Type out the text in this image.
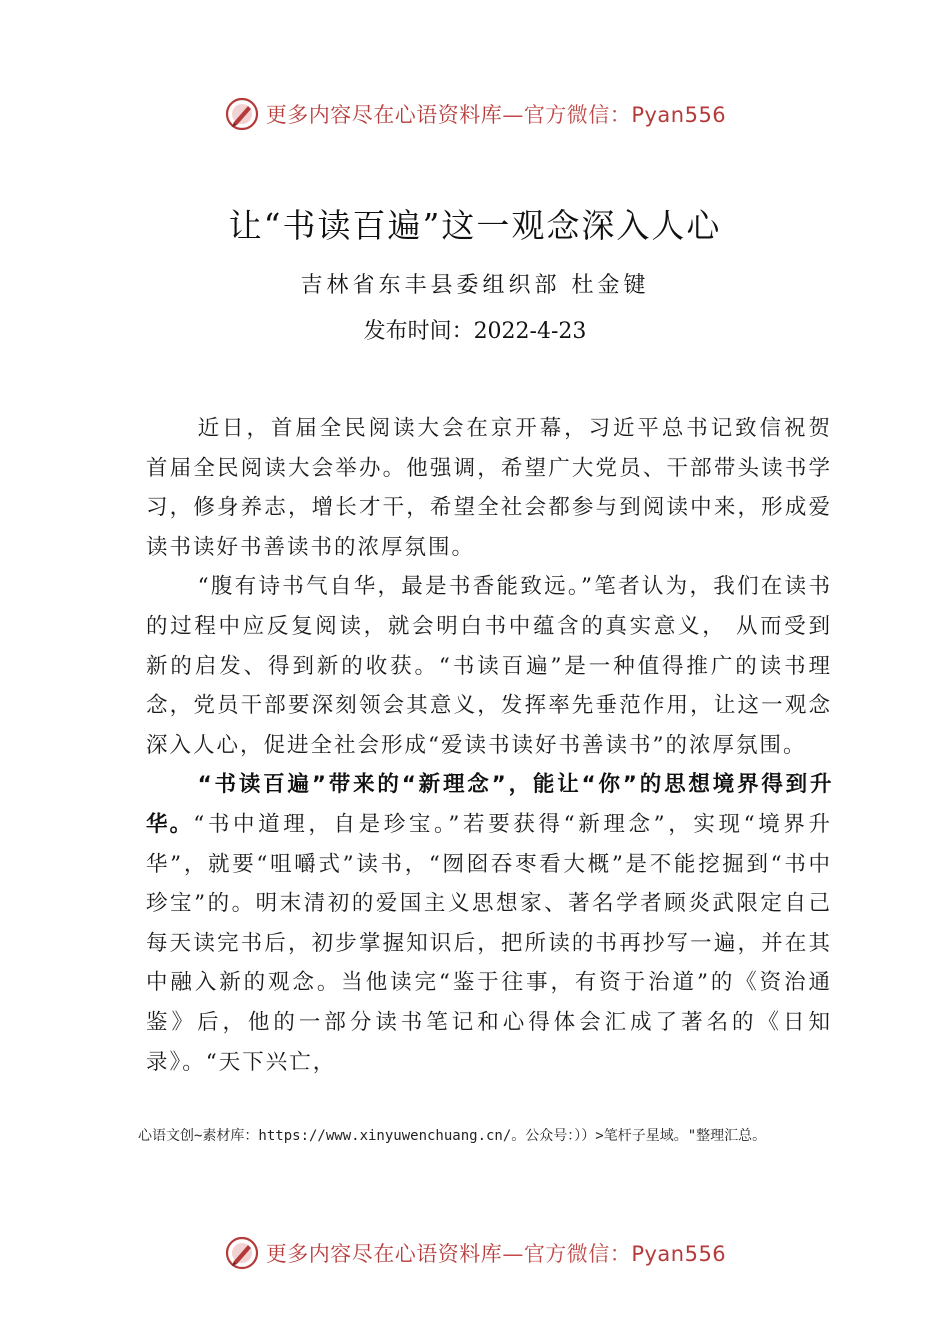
更多内容尽在心语资料库—官方微信：Pyan556
让“书读百遍”这一观念深入人心
吉林省东丰县委组织部 杜金键
发布时间：2022-4-23

近日，首届全民阅读大会在京开幕，习近平总书记致信祝贺首届全民阅读大会举办。他强调，希望广大党员、干部带头读书学习，修身养志，增长才干，希望全社会都参与到阅读中来，形成爱读书读好书善读书的浓厚氛围。

“腹有诗书气自华，最是书香能致远。”笔者认为，我们在读书的过程中应反复阅读，就会明白书中蕴含的真实意义， 从而受到新的启发、得到新的收获。“书读百遍”是一种值得推广的读书理念，党员干部要深刻领会其意义，发挥率先垂范作用，让这一观念深入人心，促进全社会形成“爱读书读好书善读书”的浓厚氛围。

“书读百遍”带来的“新理念”，能让“你”的思想境界得到升华。“书中道理，自是珍宝。”若要获得“新理念”，实现“境界升华”，就要“咀嚼式”读书，“囫囵吞枣看大概”是不能挖掘到“书中珍宝”的。明末清初的爱国主义思想家、著名学者顾炎武限定自己每天读完书后，初步掌握知识后，把所读的书再抄写一遍，并在其中融入新的观念。当他读完“鉴于往事，有资于治道”的《资治通鉴》后，他的一部分读书笔记和心得体会汇成了著名的《日知录》。“天下兴亡，

心语文创~素材库：https://www.xinyuwenchuang.cn/。公众号：））>笔杆子星域。"整理汇总。
更多内容尽在心语资料库—官方微信：Pyan556
